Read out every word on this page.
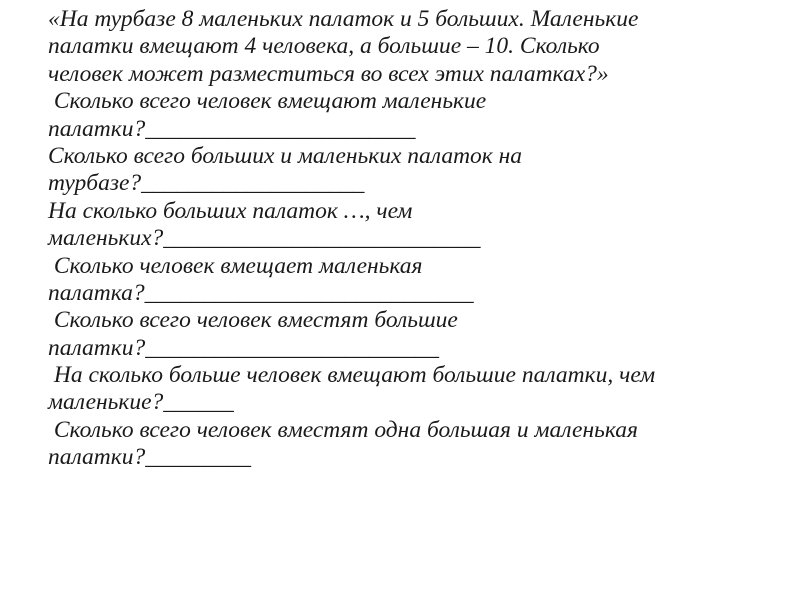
«На турбазе 8 маленьких палаток и 5 больших. Маленькие
палатки вмещают 4 человека, а большие – 10. Сколько
человек может разместиться во всех этих палатках?»
Сколько всего человек вмещают маленькие
палатки?_______________________
Сколько всего больших и маленьких палаток на
турбазе?___________________
На сколько больших палаток …, чем
маленьких?___________________________
Сколько человек вмещает маленькая
палатка?____________________________
Сколько всего человек вместят большие
палатки?_________________________
На сколько больше человек вмещают большие палатки, чем
маленькие?______
Сколько всего человек вместят одна большая и маленькая
палатки?_________
